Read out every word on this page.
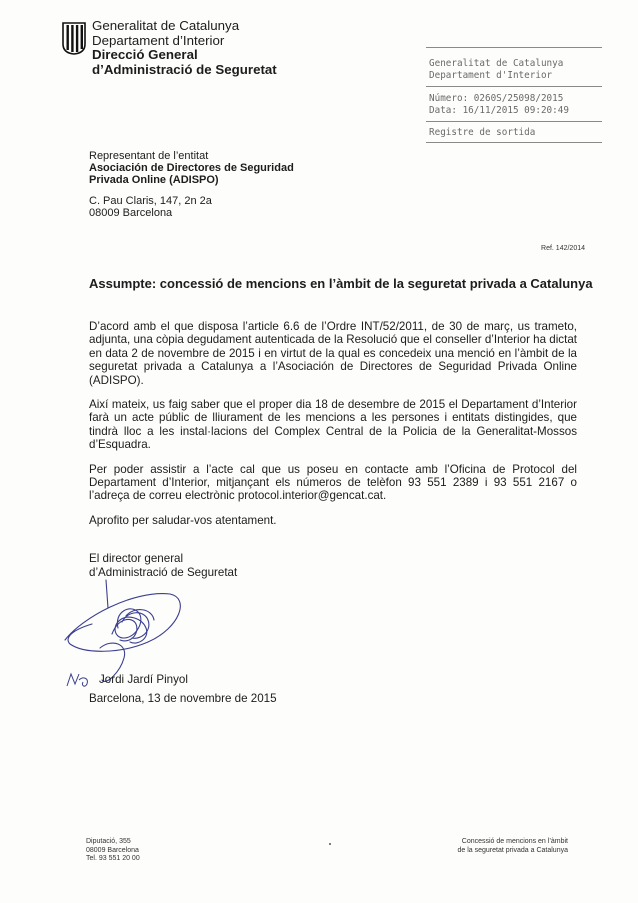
Generalitat de Catalunya
Departament d’Interior
Direcció General
d’Administració de Seguretat	Generalitat de Catalunya
Departament d'Interior
Número: 0260S/25098/2015
Data: 16/11/2015 09:20:49
Registre de sortida
Representant de l’entitat
Asociación de Directores de Seguridad
Privada Online (ADISPO)
C. Pau Claris, 147, 2n 2a
08009 Barcelona
Ref. 142/2014
Assumpte: concessió de mencions en l’àmbit de la seguretat privada a Catalunya

D’acord amb el que disposa l’article 6.6 de l’Ordre INT/52/2011, de 30 de març, us trameto, adjunta, una còpia degudament autenticada de la Resolució que el conseller d’Interior ha dictat en data 2 de novembre de 2015 i en virtut de la qual es concedeix una menció en l’àmbit de la seguretat privada a Catalunya a l’Asociación de Directores de Seguridad Privada Online (ADISPO).

Així mateix, us faig saber que el proper dia 18 de desembre de 2015 el Departament d’Interior farà un acte públic de lliurament de les mencions a les persones i entitats distingides, que tindrà lloc a les instal·lacions del Complex Central de la Policia de la Generalitat-Mossos d’Esquadra.

Per poder assistir a l’acte cal que us poseu en contacte amb l’Oficina de Protocol del Departament d’Interior, mitjançant els números de telèfon 93 551 2389 i 93 551 2167 o l’adreça de correu electrònic protocol.interior@gencat.cat.

Aprofito per saludar-vos atentament.

El director general
d’Administració de Seguretat
Jordi Jardí Pinyol
Barcelona, 13 de novembre de 2015
Diputació, 355
08009 Barcelona
Tel. 93 551 20 00
Concessió de mencions en l’àmbit
de la seguretat privada a Catalunya
